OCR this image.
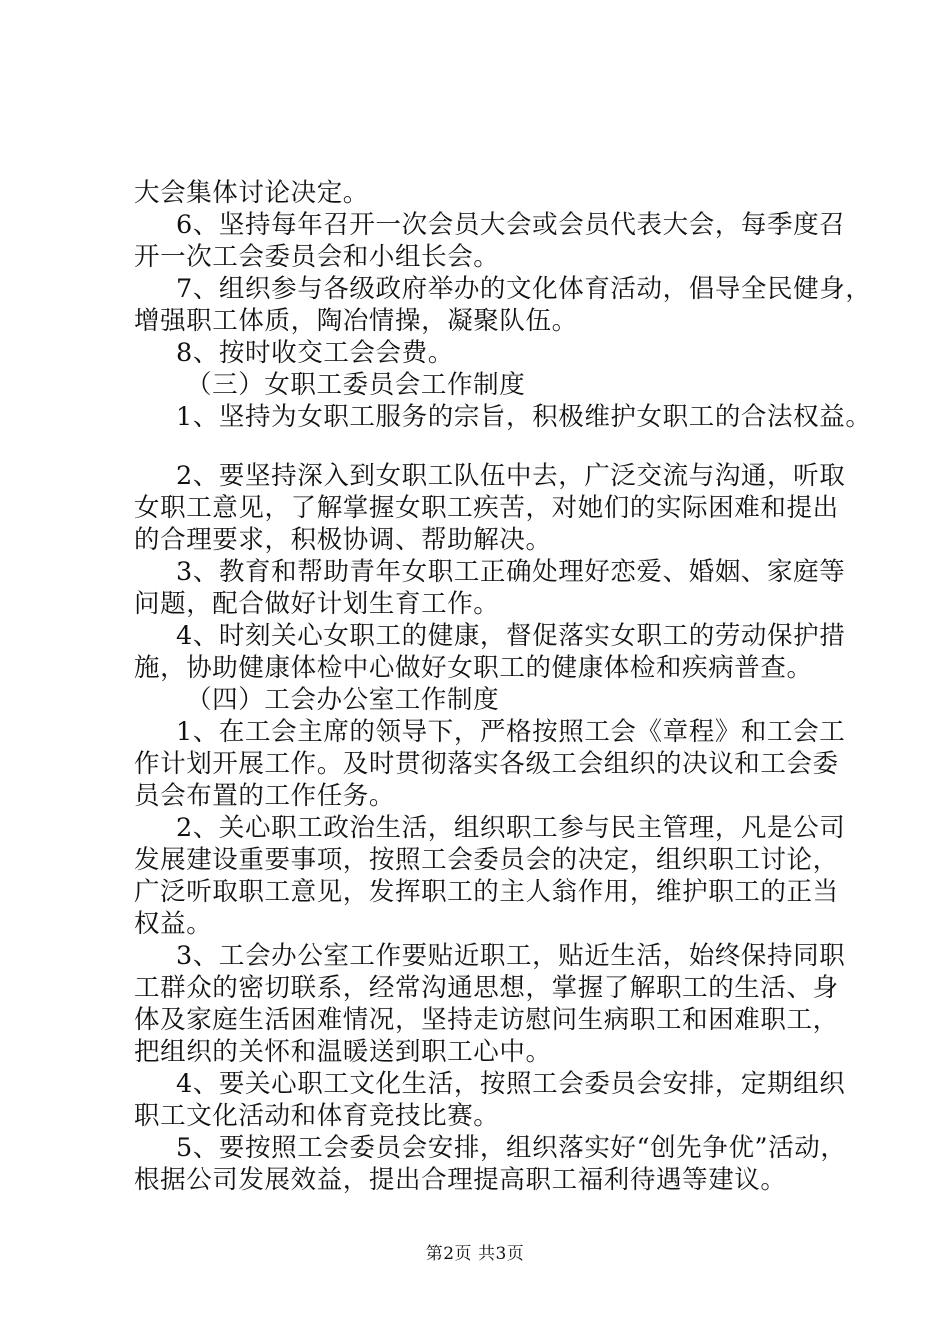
大会集体讨论决定。
6、坚持每年召开一次会员大会或会员代表大会，每季度召
开一次工会委员会和小组长会。
7、组织参与各级政府举办的文化体育活动，倡导全民健身，
增强职工体质，陶冶情操，凝聚队伍。
8、按时收交工会会费。
（三）女职工委员会工作制度
1、坚持为女职工服务的宗旨，积极维护女职工的合法权益。
2、要坚持深入到女职工队伍中去，广泛交流与沟通，听取
女职工意见，了解掌握女职工疾苦，对她们的实际困难和提出
的合理要求，积极协调、帮助解决。
3、教育和帮助青年女职工正确处理好恋爱、婚姻、家庭等
问题，配合做好计划生育工作。
4、时刻关心女职工的健康，督促落实女职工的劳动保护措
施，协助健康体检中心做好女职工的健康体检和疾病普查。
（四）工会办公室工作制度
1、在工会主席的领导下，严格按照工会《章程》和工会工
作计划开展工作。及时贯彻落实各级工会组织的决议和工会委
员会布置的工作任务。
2、关心职工政治生活，组织职工参与民主管理，凡是公司
发展建设重要事项，按照工会委员会的决定，组织职工讨论，
广泛听取职工意见，发挥职工的主人翁作用，维护职工的正当
权益。
3、工会办公室工作要贴近职工，贴近生活，始终保持同职
工群众的密切联系，经常沟通思想，掌握了解职工的生活、身
体及家庭生活困难情况，坚持走访慰问生病职工和困难职工，
把组织的关怀和温暖送到职工心中。
4、要关心职工文化生活，按照工会委员会安排，定期组织
职工文化活动和体育竞技比赛。
5、要按照工会委员会安排，组织落实好“创先争优”活动，
根据公司发展效益，提出合理提高职工福利待遇等建议。
第2页 共3页
